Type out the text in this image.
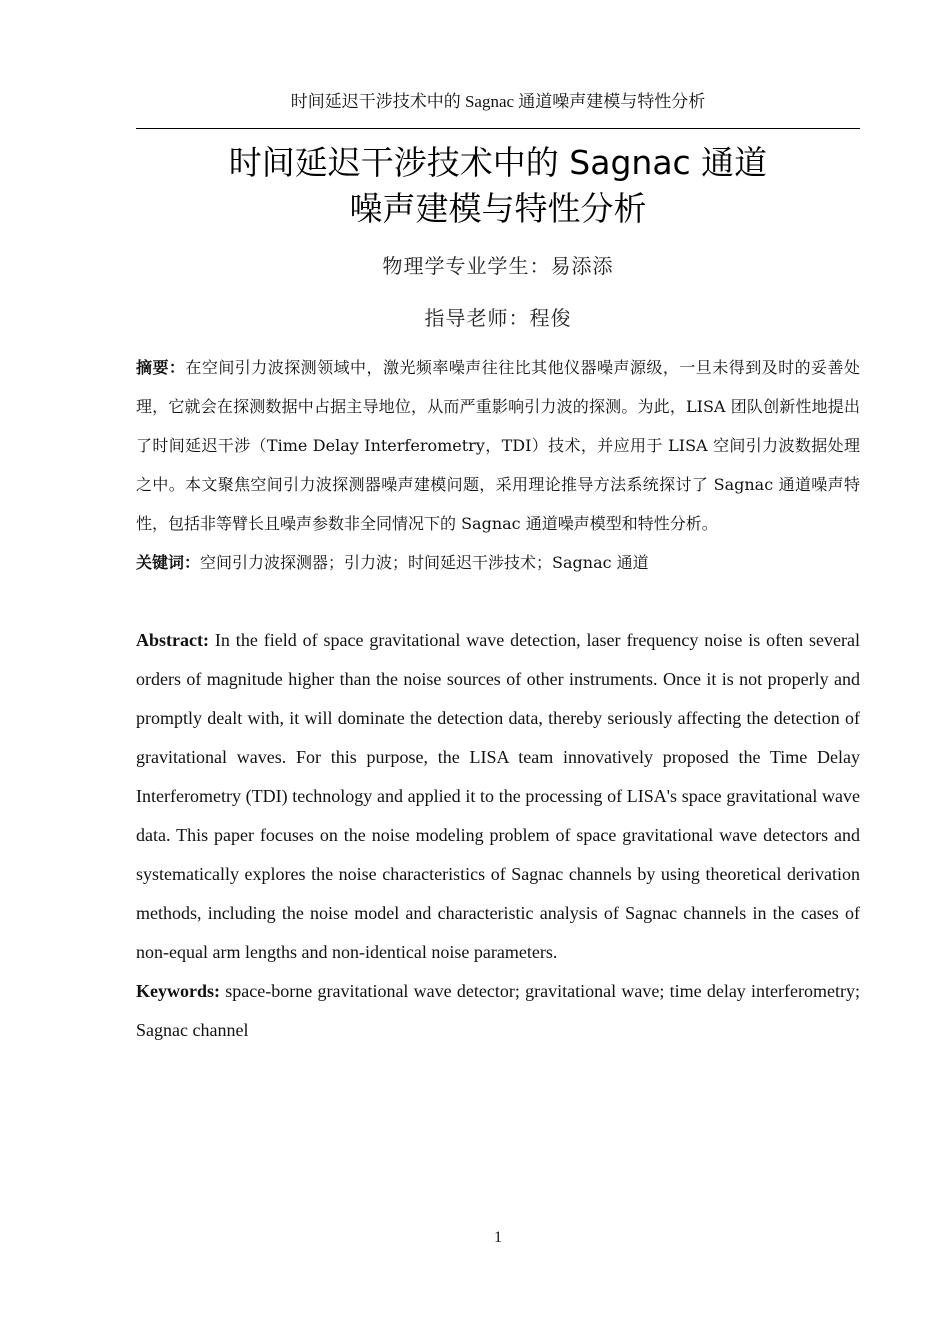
时间延迟干涉技术中的 Sagnac 通道噪声建模与特性分析
时间延迟干涉技术中的 Sagnac 通道
噪声建模与特性分析
物理学专业学生：易添添
指导老师：程俊

摘要：在空间引力波探测领域中，激光频率噪声往往比其他仪器噪声源级，一旦未得到及时的妥善处理，它就会在探测数据中占据主导地位，从而严重影响引力波的探测。为此，LISA 团队创新性地提出了时间延迟干涉（Time Delay Interferometry，TDI）技术，并应用于 LISA 空间引力波数据处理之中。本文聚焦空间引力波探测器噪声建模问题，采用理论推导方法系统探讨了 Sagnac 通道噪声特性，包括非等臂长且噪声参数非全同情况下的 Sagnac 通道噪声模型和特性分析。

关键词：空间引力波探测器；引力波；时间延迟干涉技术；Sagnac 通道

Abstract: In the field of space gravitational wave detection, laser frequency noise is often several orders of magnitude higher than the noise sources of other instruments. Once it is not properly and promptly dealt with, it will dominate the detection data, thereby seriously affecting the detection of gravitational waves. For this purpose, the LISA team innovatively proposed the Time Delay Interferometry (TDI) technology and applied it to the processing of LISA's space gravitational wave data. This paper focuses on the noise modeling problem of space gravitational wave detectors and systematically explores the noise characteristics of Sagnac channels by using theoretical derivation methods, including the noise model and characteristic analysis of Sagnac channels in the cases of non-equal arm lengths and non-identical noise parameters.

Keywords: space-borne gravitational wave detector; gravitational wave; time delay interferometry; Sagnac channel

1
